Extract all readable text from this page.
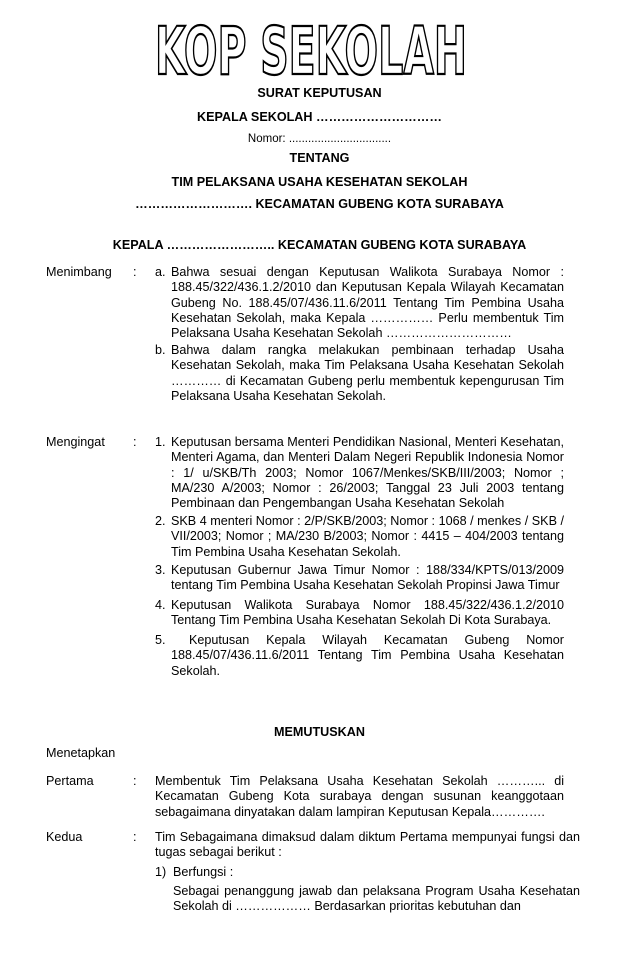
KOP SEKOLAH
SURAT KEPUTUSAN
KEPALA SEKOLAH …………………………
Nomor: ................................
TENTANG
TIM PELAKSANA USAHA KESEHATAN SEKOLAH
………………………. KECAMATAN GUBENG KOTA SURABAYA
KEPALA …………………….. KECAMATAN GUBENG KOTA SURABAYA
Menimbang : a. Bahwa sesuai dengan Keputusan Walikota Surabaya Nomor : 188.45/322/436.1.2/2010 dan Keputusan Kepala Wilayah Kecamatan Gubeng No. 188.45/07/436.11.6/2011 Tentang Tim Pembina Usaha Kesehatan Sekolah, maka Kepala …………… Perlu membentuk Tim Pelaksana Usaha Kesehatan Sekolah …………………………
b. Bahwa dalam rangka melakukan pembinaan terhadap Usaha Kesehatan Sekolah, maka Tim Pelaksana Usaha Kesehatan Sekolah ………… di Kecamatan Gubeng perlu membentuk kepengurusan Tim Pelaksana Usaha Kesehatan Sekolah.
Mengingat : 1. Keputusan bersama Menteri Pendidikan Nasional, Menteri Kesehatan, Menteri Agama, dan Menteri Dalam Negeri Republik Indonesia Nomor : 1/ u/SKB/Th 2003; Nomor 1067/Menkes/SKB/III/2003; Nomor ; MA/230 A/2003; Nomor : 26/2003; Tanggal 23 Juli 2003 tentang Pembinaan dan Pengembangan Usaha Kesehatan Sekolah
2. SKB 4 menteri Nomor : 2/P/SKB/2003; Nomor : 1068 / menkes / SKB / VII/2003; Nomor ; MA/230 B/2003; Nomor : 4415 – 404/2003 tentang Tim Pembina Usaha Kesehatan Sekolah.
3. Keputusan Gubernur Jawa Timur Nomor : 188/334/KPTS/013/2009 tentang Tim Pembina Usaha Kesehatan Sekolah Propinsi Jawa Timur
4. Keputusan Walikota Surabaya Nomor 188.45/322/436.1.2/2010 Tentang Tim Pembina Usaha Kesehatan Sekolah Di Kota Surabaya.
5.	Keputusan Kepala Wilayah Kecamatan Gubeng Nomor 188.45/07/436.11.6/2011 Tentang Tim Pembina Usaha Kesehatan Sekolah.
MEMUTUSKAN
Menetapkan
Pertama	: Membentuk Tim Pelaksana Usaha Kesehatan Sekolah ………... di Kecamatan Gubeng Kota surabaya dengan susunan keanggotaan sebagaimana dinyatakan dalam lampiran Keputusan Kepala………….
Kedua	: Tim Sebagaimana dimaksud dalam diktum Pertama mempunyai fungsi dan tugas sebagai berikut :
1) Berfungsi :
Sebagai penanggung jawab dan pelaksana Program Usaha Kesehatan Sekolah di ……………… Berdasarkan prioritas kebutuhan dan
